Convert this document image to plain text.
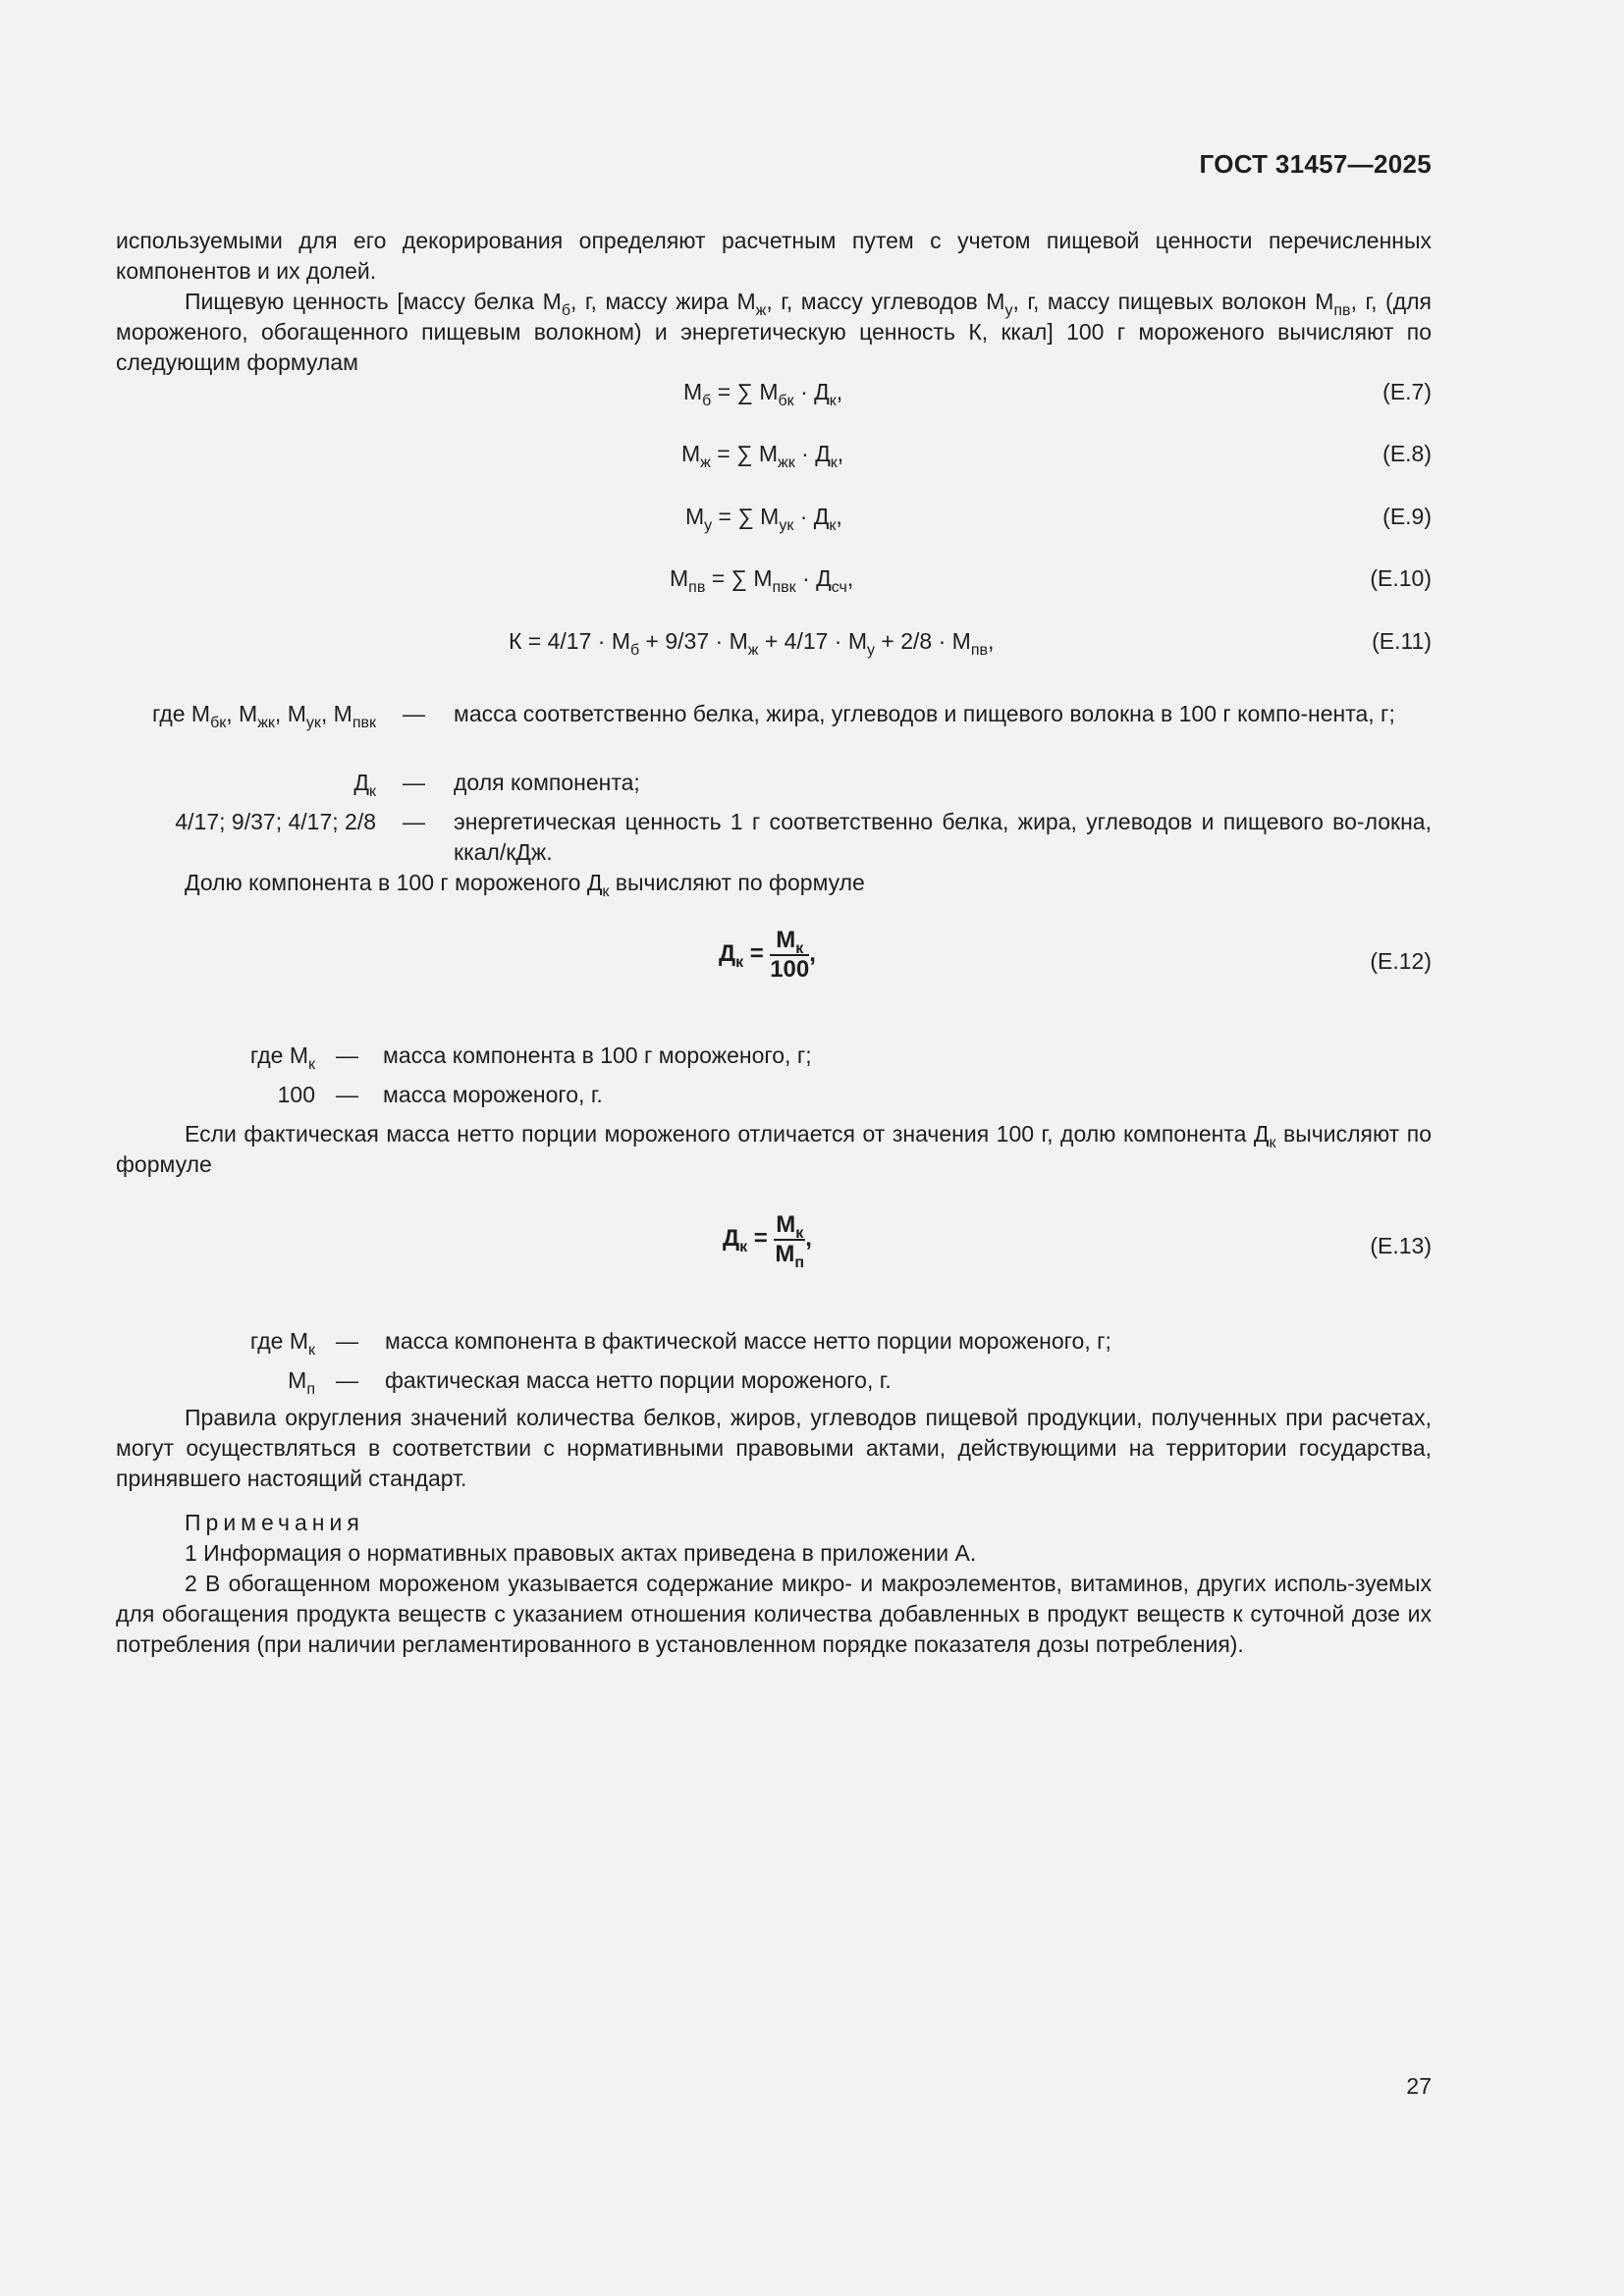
ГОСТ 31457—2025

используемыми для его декорирования определяют расчетным путем с учетом пищевой ценности перечисленных компонентов и их долей.

Пищевую ценность [массу белка $М_б$, г, массу жира $М_ж$, г, массу углеводов $М_у$, г, массу пищевых волокон $М_{пв}$, г, (для мороженого, обогащенного пищевым волокном) и энергетическую ценность К, ккал] 100 г мороженого вычисляют по следующим формулам

$М_б$ = ∑ $М_{бк} \cdot Д_к$,	(Е.7)
$М_ж$ = ∑ $М_{жк} \cdot Д_к$,	(Е.8)
$М_у$ = ∑ $М_{ук} \cdot Д_к$,	(Е.9)
$М_{пв}$ = ∑ $М_{пвк} \cdot Д_{сч}$,	(Е.10)
$К = 4/17 \cdot М_б + 9/37 \cdot М_ж + 4/17 \cdot М_у + 2/8 \cdot М_{пв}$,	(Е.11)
где $М_{бк}$, $М_{жк}$, $М_{ук}$, $М_{пвк}$ — масса соответственно белка, жира, углеводов и пищевого волокна в 100 г компо-нента, г;
$Д_к$ — доля компонента;
4/17; 9/37; 4/17; 2/8 — энергетическая ценность 1 г соответственно белка, жира, углеводов и пищевого во-локна, ккал/кДж.

Долю компонента в 100 г мороженого $Д_к$ вычисляют по формуле

$Д_к = \frac{М_к}{100}$ ,	(Е.12)
где $М_к$ — масса компонента в 100 г мороженого, г;
100 — масса мороженого, г.

Если фактическая масса нетто порции мороженого отличается от значения 100 г, долю компонента $Д_к$ вычисляют по формуле

$Д_к = \frac{М_к}{М_п}$ ,	(Е.13)
где $М_к$ — масса компонента в фактической массе нетто порции мороженого, г;
$М_п$ — фактическая масса нетто порции мороженого, г.

Правила округления значений количества белков, жиров, углеводов пищевой продукции, полученных при расчетах, могут осуществляться в соответствии с нормативными правовыми актами, действующими на территории государства, принявшего настоящий стандарт.

Примечания

1 Информация о нормативных правовых актах приведена в приложении А.

2 В обогащенном мороженом указывается содержание микро- и макроэлементов, витаминов, других исполь-зуемых для обогащения продукта веществ с указанием отношения количества добавленных в продукт веществ к суточной дозе их потребления (при наличии регламентированного в установленном порядке показателя дозы потребления).

27
